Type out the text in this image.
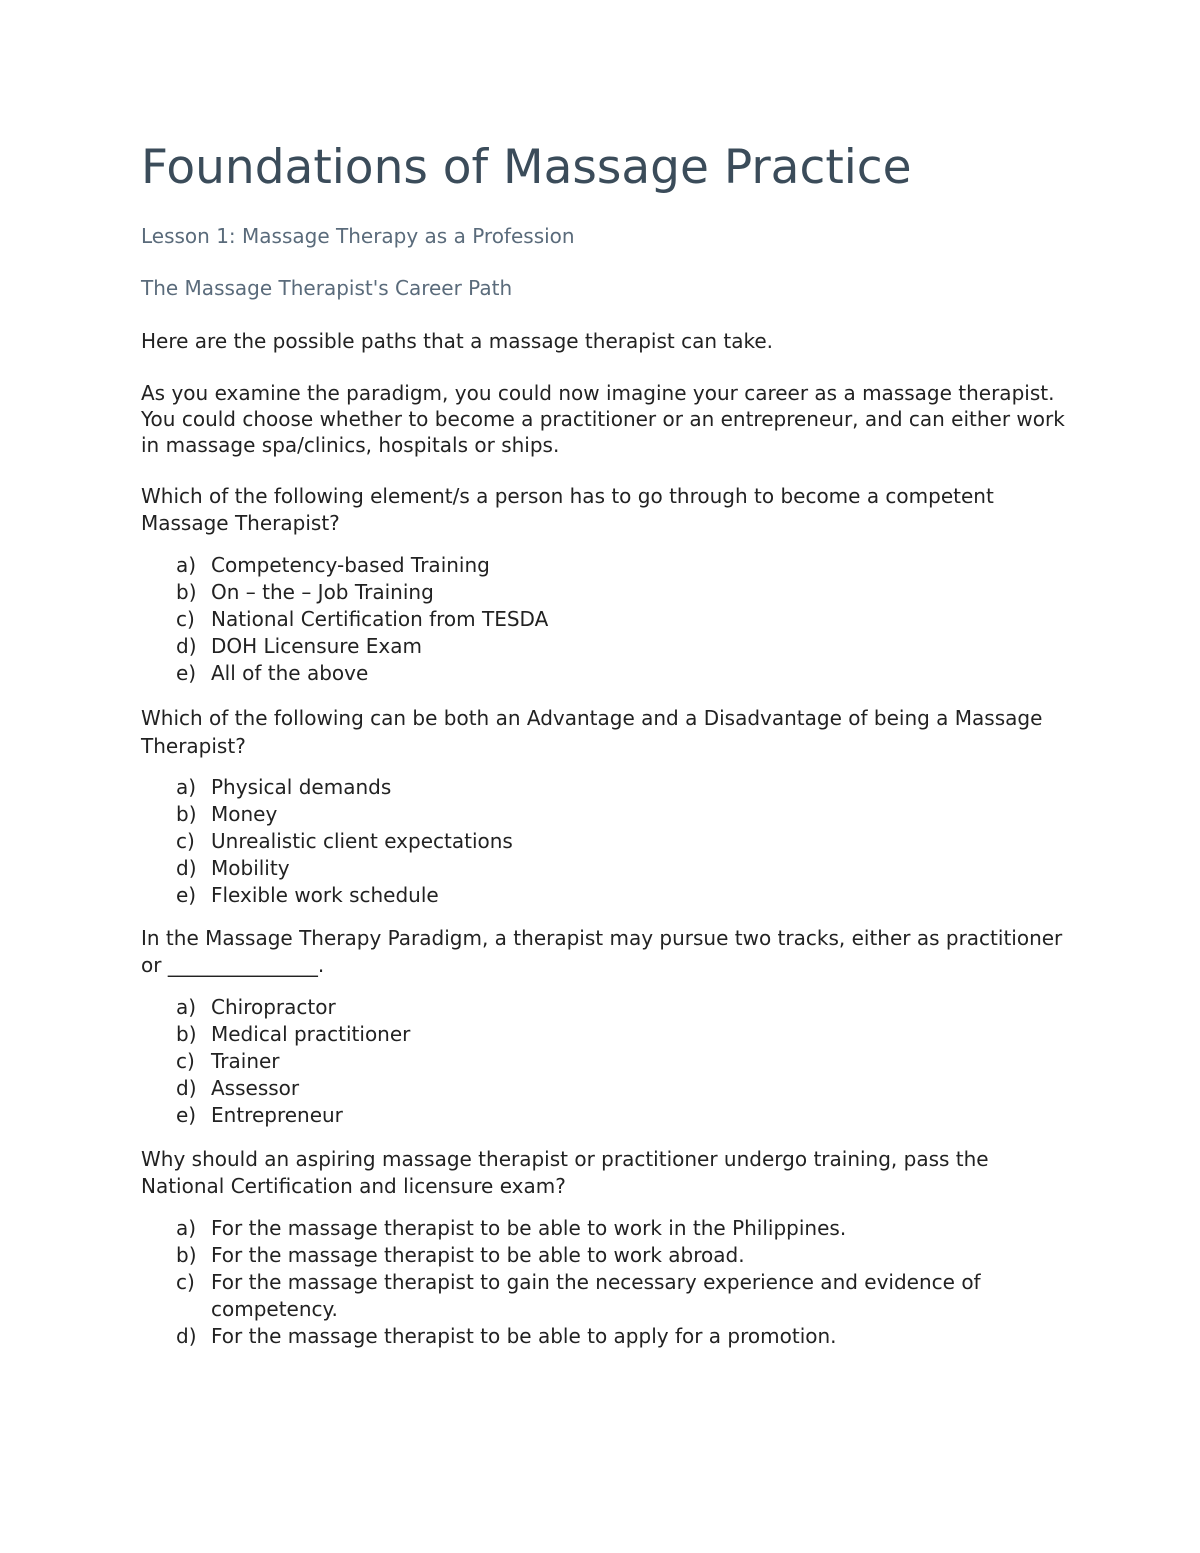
Foundations of Massage Practice

Lesson 1: Massage Therapy as a Profession

The Massage Therapist's Career Path

Here are the possible paths that a massage therapist can take.

As you examine the paradigm, you could now imagine your career as a massage therapist. You could choose whether to become a practitioner or an entrepreneur, and can either work in massage spa/clinics, hospitals or ships.

Which of the following element/s a person has to go through to become a competent Massage Therapist?

a) Competency-based Training
b) On – the – Job Training
c) National Certification from TESDA
d) DOH Licensure Exam
e) All of the above

Which of the following can be both an Advantage and a Disadvantage of being a Massage Therapist?

a) Physical demands
b) Money
c) Unrealistic client expectations
d) Mobility
e) Flexible work schedule

In the Massage Therapy Paradigm, a therapist may pursue two tracks, either as practitioner or _______________.

a) Chiropractor
b) Medical practitioner
c) Trainer
d) Assessor
e) Entrepreneur

Why should an aspiring massage therapist or practitioner undergo training, pass the National Certification and licensure exam?

a) For the massage therapist to be able to work in the Philippines.
b) For the massage therapist to be able to work abroad.
c) For the massage therapist to gain the necessary experience and evidence of competency.
d) For the massage therapist to be able to apply for a promotion.
